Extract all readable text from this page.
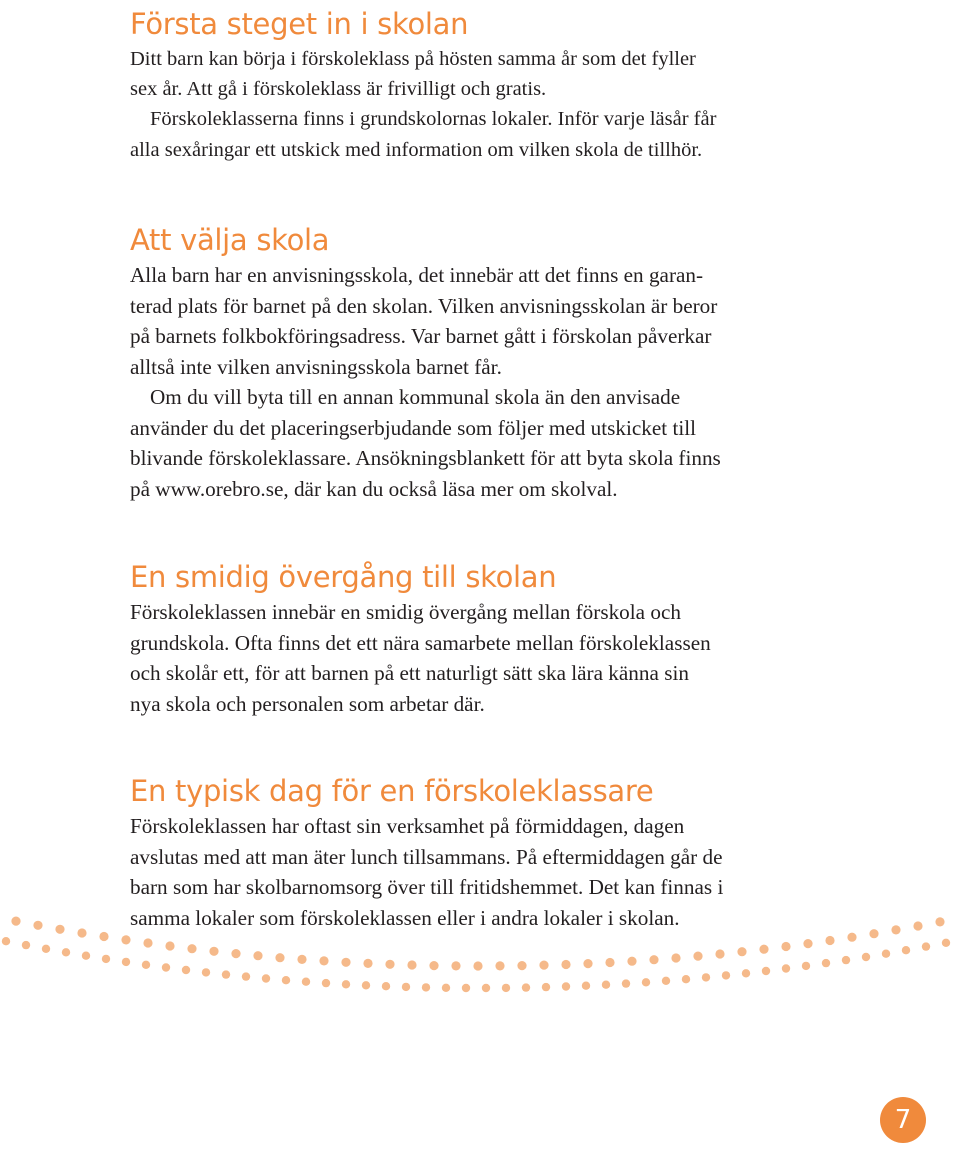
Första steget in i skolan

Ditt barn kan börja i förskoleklass på hösten samma år som det fyller
sex år. Att gå i förskoleklass är frivilligt och gratis.
Förskoleklasserna finns i grundskolornas lokaler. Inför varje läsår får
alla sexåringar ett utskick med information om vilken skola de tillhör.

Att välja skola

Alla barn har en anvisningsskola, det innebär att det finns en garan-
terad plats för barnet på den skolan. Vilken anvisningsskolan är beror
på barnets folkbokföringsadress. Var barnet gått i förskolan påverkar
alltså inte vilken anvisningsskola barnet får.
Om du vill byta till en annan kommunal skola än den anvisade
använder du det placeringserbjudande som följer med utskicket till
blivande förskoleklassare. Ansökningsblankett för att byta skola finns
på www.orebro.se, där kan du också läsa mer om skolval.

En smidig övergång till skolan

Förskoleklassen innebär en smidig övergång mellan förskola och
grundskola. Ofta finns det ett nära samarbete mellan förskoleklassen
och skolår ett, för att barnen på ett naturligt sätt ska lära känna sin
nya skola och personalen som arbetar där.

En typisk dag för en förskoleklassare

Förskoleklassen har oftast sin verksamhet på förmiddagen, dagen
avslutas med att man äter lunch tillsammans. På eftermiddagen går de
barn som har skolbarnomsorg över till fritidshemmet. Det kan finnas i
samma lokaler som förskoleklassen eller i andra lokaler i skolan.

7
